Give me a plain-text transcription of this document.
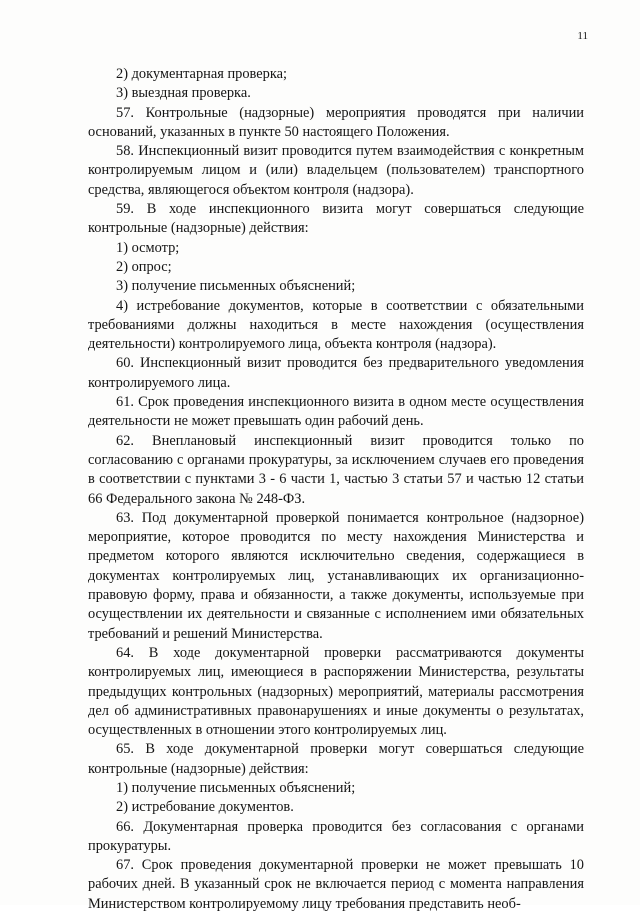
11

2) документарная проверка;

3) выездная проверка.

57. Контрольные (надзорные) мероприятия проводятся при наличии оснований, указанных в пункте 50 настоящего Положения.

58. Инспекционный визит проводится путем взаимодействия с конкретным контролируемым лицом и (или) владельцем (пользователем) транспортного средства, являющегося объектом контроля (надзора).

59. В ходе инспекционного визита могут совершаться следующие контрольные (надзорные) действия:

1) осмотр;

2) опрос;

3) получение письменных объяснений;

4) истребование документов, которые в соответствии с обязательными требованиями должны находиться в месте нахождения (осуществления деятельности) контролируемого лица, объекта контроля (надзора).

60. Инспекционный визит проводится без предварительного уведомления контролируемого лица.

61. Срок проведения инспекционного визита в одном месте осуществления деятельности не может превышать один рабочий день.

62. Внеплановый инспекционный визит проводится только по согласованию с органами прокуратуры, за исключением случаев его проведения в соответствии с пунктами 3 - 6 части 1, частью 3 статьи 57 и частью 12 статьи 66 Федерального закона № 248-ФЗ.

63. Под документарной проверкой понимается контрольное (надзорное) мероприятие, которое проводится по месту нахождения Министерства и предметом которого являются исключительно сведения, содержащиеся в документах контролируемых лиц, устанавливающих их организационно-правовую форму, права и обязанности, а также документы, используемые при осуществлении их деятельности и связанные с исполнением ими обязательных требований и решений Министерства.

64. В ходе документарной проверки рассматриваются документы контролируемых лиц, имеющиеся в распоряжении Министерства, результаты предыдущих контрольных (надзорных) мероприятий, материалы рассмотрения дел об административных правонарушениях и иные документы о результатах, осуществленных в отношении этого контролируемых лиц.

65. В ходе документарной проверки могут совершаться следующие контрольные (надзорные) действия:

1) получение письменных объяснений;

2) истребование документов.

66. Документарная проверка проводится без согласования с органами прокуратуры.

67. Срок проведения документарной проверки не может превышать 10 рабочих дней. В указанный срок не включается период с момента направления Министерством контролируемому лицу требования представить необ-
